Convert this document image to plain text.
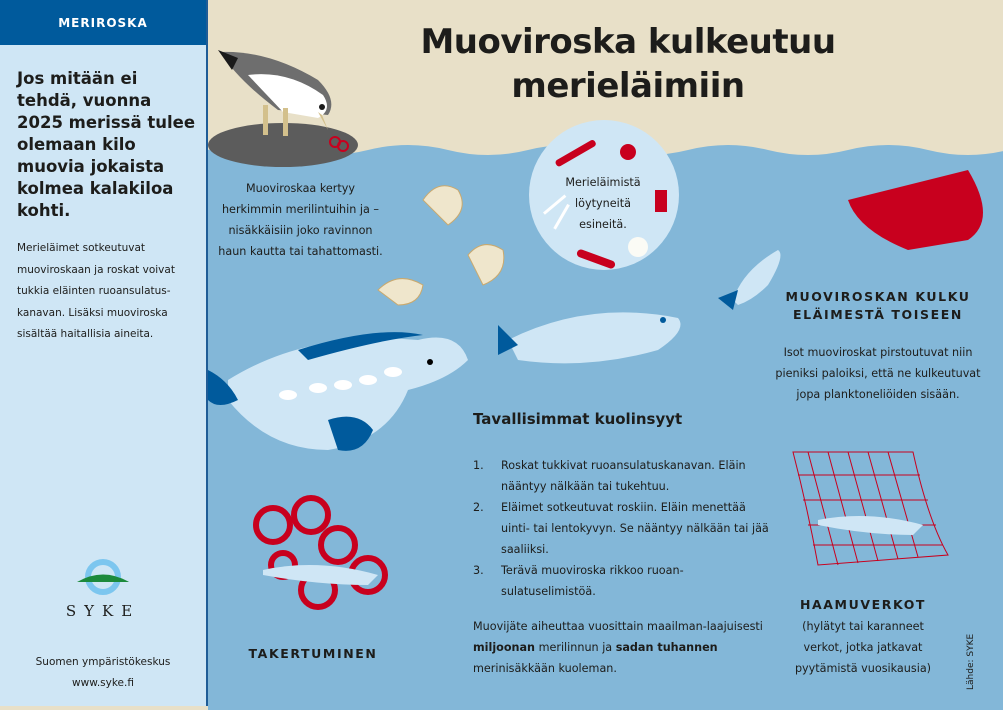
MERIROSKA
Jos mitään ei tehdä, vuonna 2025 merissä tulee olemaan kilo muovia jokaista kolmea kalakiloa kohti.
Merieläimet sotkeutuvat muoviroskaan ja roskat voivat tukkia eläinten ruoansulatus-kanavan. Lisäksi muoviroska sisältää haitallisia aineita.
SYKE
Suomen ympäristökeskus
www.syke.fi
Muoviroska kulkeutuu
merieläimiin
Muoviroskaa kertyy herkimmin merilintuihin ja –nisäkkäisiin joko ravinnon haun kautta tai tahattomasti.
Merieläimistä löytyneitä esineitä.
MUOVIROSKAN KULKU
ELÄIMESTÄ TOISEEN
Isot muoviroskat pirstoutuvat niin pieniksi paloiksi, että ne kulkeutuvat jopa planktoneliöiden sisään.
Tavallisimmat kuolinsyyt
1.	Roskat tukkivat ruoansulatuskanavan. Eläin nääntyy nälkään tai tukehtuu.
2.	Eläimet sotkeutuvat roskiin. Eläin menettää uinti- tai lentokyvyn. Se nääntyy nälkään tai jää saaliiksi.
3.	Terävä muoviroska rikkoo ruoan-sulatuselimistöä.
Muovijäte aiheuttaa vuosittain maailman-laajuisesti miljoonan merilinnun ja sadan tuhannen merinisäkkään kuoleman.
TAKERTUMINEN
HAAMUVERKOT
(hylätyt tai karanneet verkot, jotka jatkavat pyytämistä vuosikausia)	Lähde: SYKE
